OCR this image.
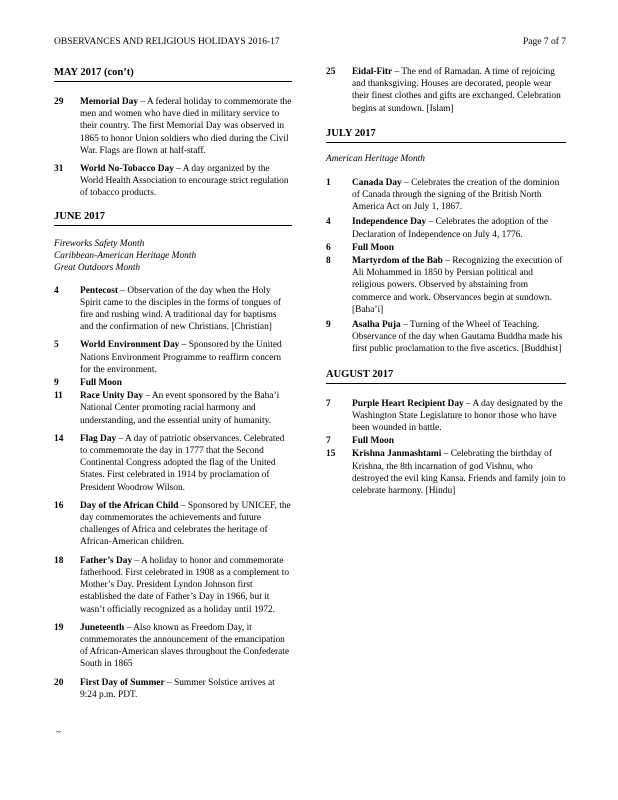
OBSERVANCES AND RELIGIOUS HOLIDAYS 2016-17	Page 7 of 7

MAY 2017 (con’t)

29	Memorial Day – A federal holiday to commemorate the men and women who have died in military service to their country. The first Memorial Day was observed in 1865 to honor Union soldiers who died during the Civil War. Flags are flown at half-staff.
31	World No-Tobacco Day – A day organized by the World Health Association to encourage strict regulation of tobacco products.

JUNE 2017

Fireworks Safety Month

Caribbean-American Heritage Month

Great Outdoors Month

4	Pentecost – Observation of the day when the Holy Spirit came to the disciples in the forms of tongues of fire and rushing wind. A traditional day for baptisms and the confirmation of new Christians. [Christian]
5	World Environment Day – Sponsored by the United Nations Environment Programme to reaffirm concern for the environment.
9	Full Moon
11	Race Unity Day – An event sponsored by the Baha’i National Center promoting racial harmony and understanding, and the essential unity of humanity.
14	Flag Day – A day of patriotic observances. Celebrated to commemorate the day in 1777 that the Second Continental Congress adopted the flag of the United States. First celebrated in 1914 by proclamation of President Woodrow Wilson.
16	Day of the African Child – Sponsored by UNICEF, the day commemorates the achievements and future challenges of Africa and celebrates the heritage of African-American children.
18	Father’s Day – A holiday to honor and commemorate fatherhood. First celebrated in 1908 as a complement to Mother’s Day. President Lyndon Johnson first established the date of Father’s Day in 1966, but it wasn’t officially recognized as a holiday until 1972.
19	Juneteenth – Also known as Freedom Day, it commemorates the announcement of the emancipation of African-American slaves throughout the Confederate South in 1865
20	First Day of Summer – Summer Solstice arrives at 9:24 p.m. PDT.
25	Eidal-Fitr – The end of Ramadan. A time of rejoicing and thanksgiving. Houses are decorated, people wear their finest clothes and gifts are exchanged. Celebration begins at sundown. [Islam]

JULY 2017

American Heritage Month

1	Canada Day – Celebrates the creation of the dominion of Canada through the signing of the British North America Act on July 1, 1867.
4	Independence Day – Celebrates the adoption of the Declaration of Independence on July 4, 1776.
6	Full Moon
8	Martyrdom of the Bab – Recognizing the execution of Ali Mohammed in 1850 by Persian political and religious powers. Observed by abstaining from commerce and work. Observances begin at sundown. [Baha’i]
9	Asalha Puja – Turning of the Wheel of Teaching. Observance of the day when Gautama Buddha made his first public proclamation to the five ascetics. [Buddhist]

AUGUST 2017

7	Purple Heart Recipient Day – A day designated by the Washington State Legislature to honor those who have been wounded in battle.
7	Full Moon
15	Krishna Janmashtami – Celebrating the birthday of Krishna, the 8th incarnation of god Vishnu, who destroyed the evil king Kansa. Friends and family join to celebrate harmony. [Hindu]
~
